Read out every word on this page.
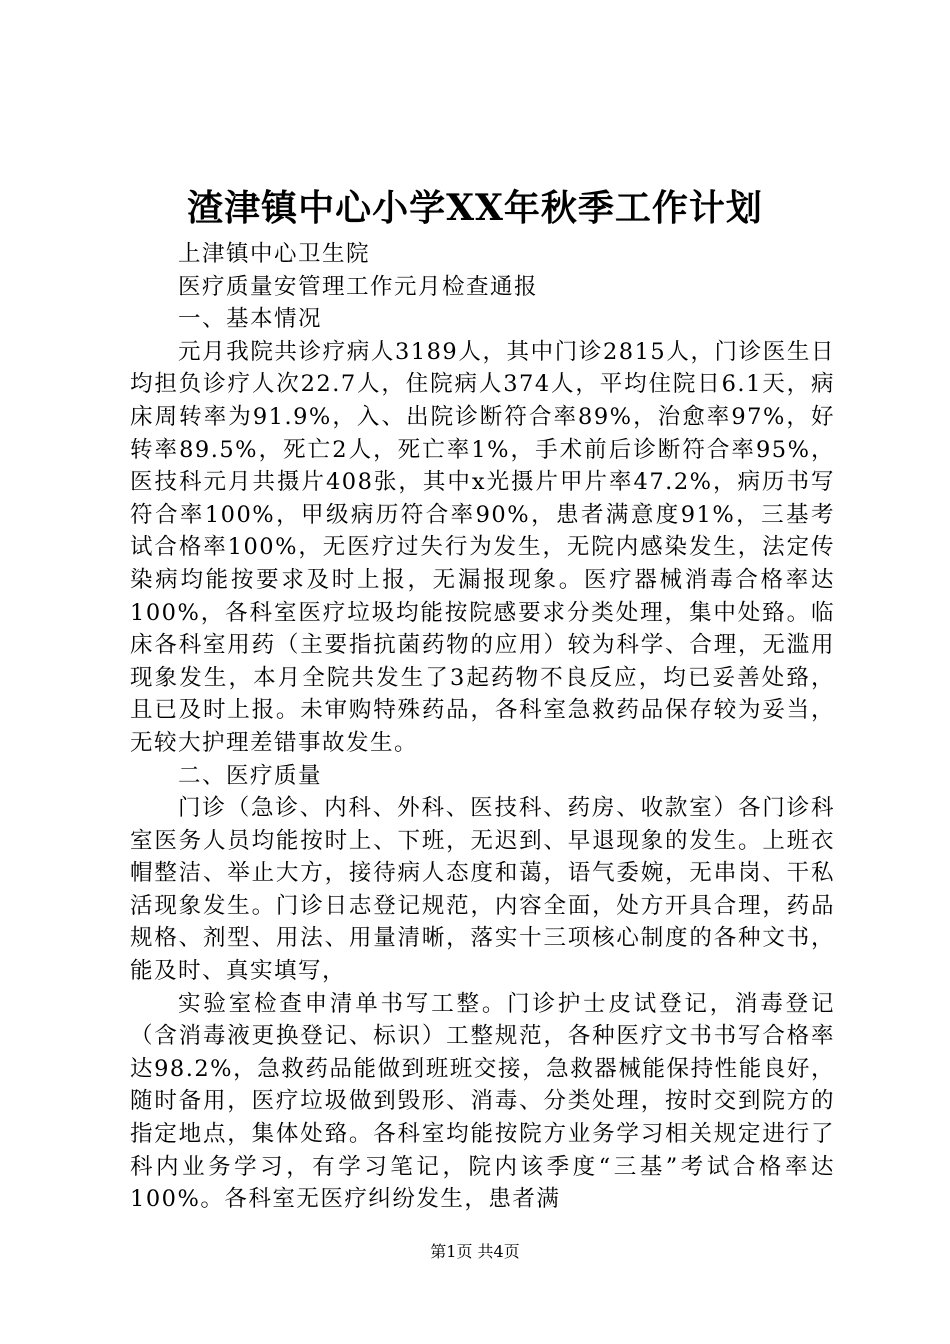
渣津镇中心小学XX年秋季工作计划

上津镇中心卫生院

医疗质量安管理工作元月检查通报

一、基本情况

元月我院共诊疗病人3189人，其中门诊2815人，门诊医生日均担负诊疗人次22.7人，住院病人374人，平均住院日6.1天，病床周转率为91.9%，入、出院诊断符合率89%，治愈率97%，好转率89.5%，死亡2人，死亡率1%，手术前后诊断符合率95%，医技科元月共摄片408张，其中x光摄片甲片率47.2%，病历书写符合率100%，甲级病历符合率90%，患者满意度91%，三基考试合格率100%，无医疗过失行为发生，无院内感染发生，法定传染病均能按要求及时上报，无漏报现象。医疗器械消毒合格率达100%，各科室医疗垃圾均能按院感要求分类处理，集中处臵。临床各科室用药（主要指抗菌药物的应用）较为科学、合理，无滥用现象发生，本月全院共发生了3起药物不良反应，均已妥善处臵，且已及时上报。未审购特殊药品，各科室急救药品保存较为妥当，无较大护理差错事故发生。

二、医疗质量

门诊（急诊、内科、外科、医技科、药房、收款室）各门诊科室医务人员均能按时上、下班，无迟到、早退现象的发生。上班衣帽整洁、举止大方，接待病人态度和蔼，语气委婉，无串岗、干私活现象发生。门诊日志登记规范，内容全面，处方开具合理，药品规格、剂型、用法、用量清晰，落实十三项核心制度的各种文书，能及时、真实填写，

实验室检查申清单书写工整。门诊护士皮试登记，消毒登记（含消毒液更换登记、标识）工整规范，各种医疗文书书写合格率达98.2%，急救药品能做到班班交接，急救器械能保持性能良好，随时备用，医疗垃圾做到毁形、消毒、分类处理，按时交到院方的指定地点，集体处臵。各科室均能按院方业务学习相关规定进行了科内业务学习，有学习笔记，院内该季度“三基”考试合格率达100%。各科室无医疗纠纷发生，患者满

第1页 共4页
